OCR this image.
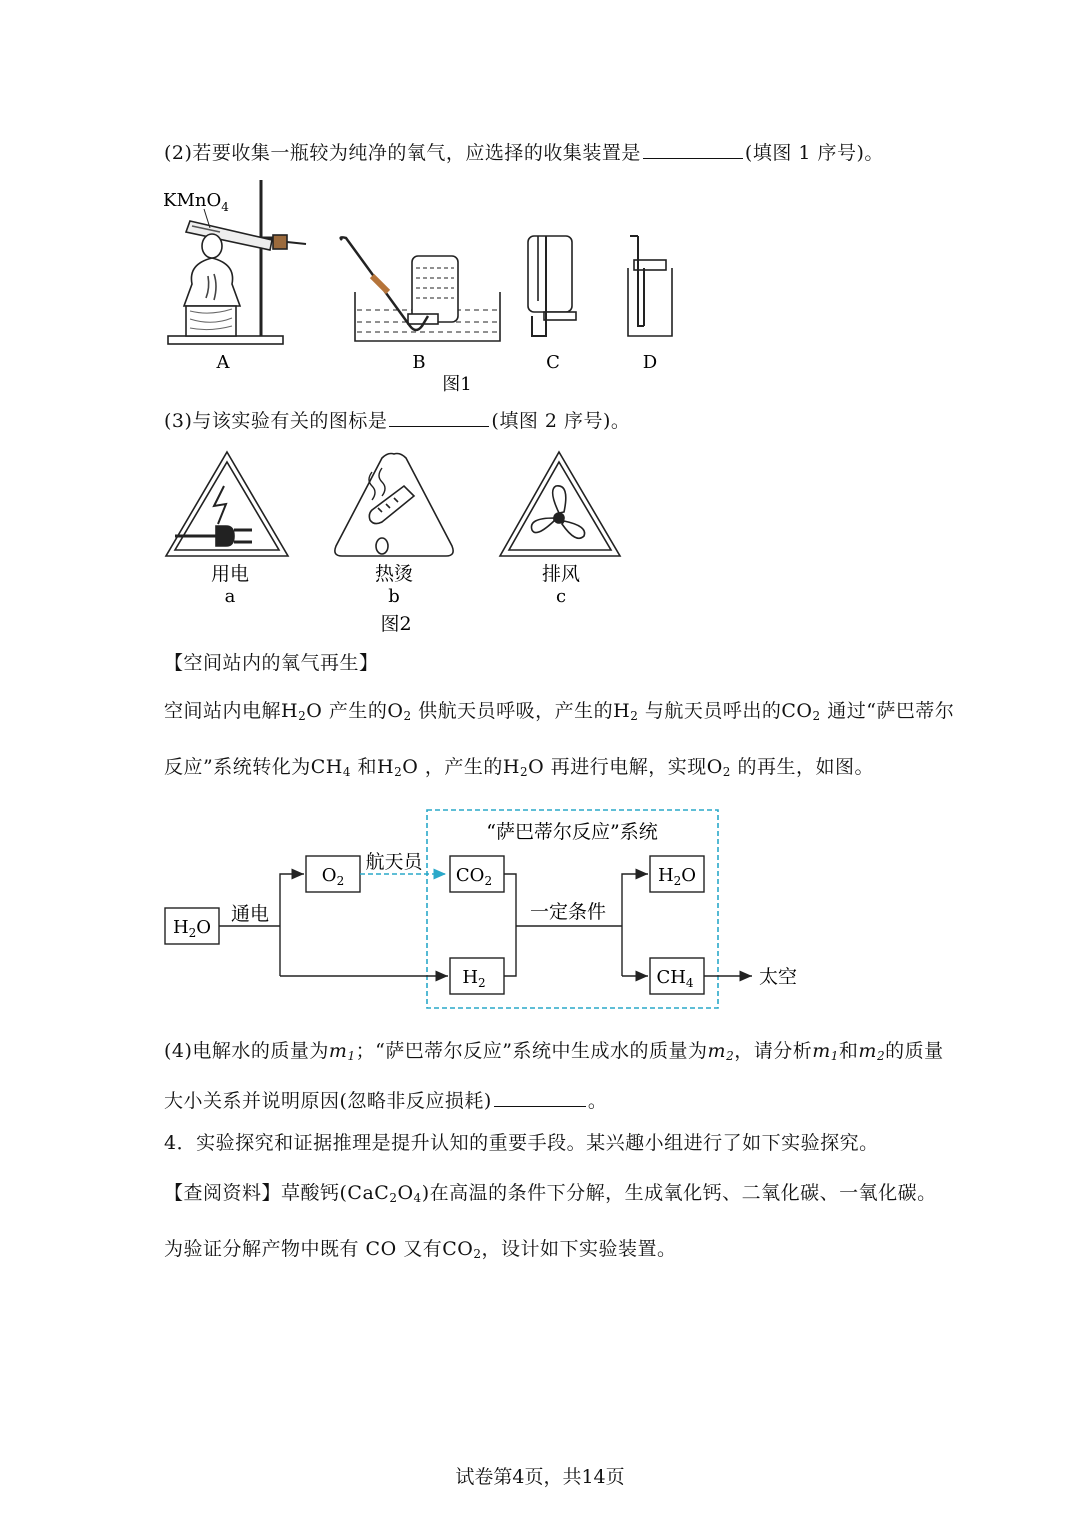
(2)若要收集一瓶较为纯净的氧气，应选择的收集装置是	(填图 1 序号)。
KMnO$_4$
A	B	C	D
图1
(3)与该实验有关的图标是	(填图 2 序号)。
用电
a
热烫
b
排风
c
图2
【空间站内的氧气再生】
空间站内电解$H_2O$ 产生的$O_2$ 供航天员呼吸，产生的$H_2$ 与航天员呼出的$CO_2$ 通过“萨巴蒂尔
反应”系统转化为$CH_4$ 和$H_2O$ ，产生的$H_2O$ 再进行电解，实现$O_2$ 的再生，如图。
“萨巴蒂尔反应”系统
$H_2O$
通电
$O_2$
航天员
$CO_2$
$H_2$
一定条件
$H_2O$
$CH_4$	太空
(4)电解水的质量为$m_1$；“萨巴蒂尔反应”系统中生成水的质量为$m_2$，请分析$m_1$和$m_2$的质量
大小关系并说明原因(忽略非反应损耗)	。
4．实验探究和证据推理是提升认知的重要手段。某兴趣小组进行了如下实验探究。
【查阅资料】草酸钙$(CaC_2O_4)$在高温的条件下分解，生成氧化钙、二氧化碳、一氧化碳。
为验证分解产物中既有 CO 又有$CO_2$，设计如下实验装置。
试卷第4页，共14页
